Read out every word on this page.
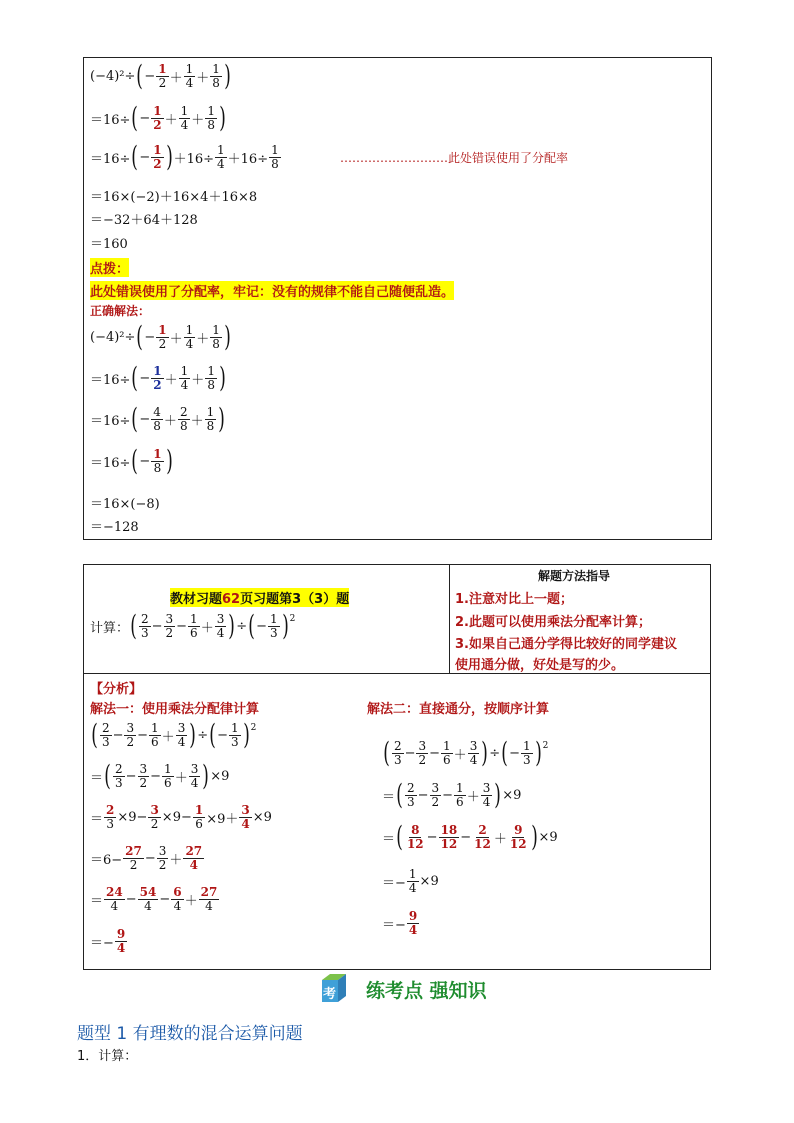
(−4)²÷ ( − $\frac{1}{2} + \frac{1}{4} + \frac{1}{8}$ )
＝16÷ ( − $\frac{1}{2} + \frac{1}{4} + \frac{1}{8}$ )
＝16÷ ( − $\frac{1}{2}$ ) $+16\div \frac{1}{4} +16\div \frac{1}{8}$	………………………此处错误使用了分配率
＝16×(−2)＋16×4＋16×8
＝−32＋64＋128
＝160
点拨：
此处错误使用了分配率，牢记：没有的规律不能自己随便乱造。
正确解法：
(−4)²÷ ( − $\frac{1}{2} + \frac{1}{4} + \frac{1}{8}$ )
＝16÷ ( − $\frac{1}{2} + \frac{1}{4} + \frac{1}{8}$ )
＝16÷ ( − $\frac{4}{8} + \frac{2}{8} + \frac{1}{8}$ )
＝16÷ ( − $\frac{1}{8}$ )
＝16×(−8)
＝−128
教材习题62页习题第3（3）题
计算： ( $\frac{2}{3} - \frac{3}{2} - \frac{1}{6} + \frac{3}{4}$ ) ÷ ( − $\frac{1}{3}$ ) 2
解题方法指导
1.注意对比上一题；
2.此题可以使用乘法分配率计算；
3.如果自己通分学得比较好的同学建议
使用通分做，好处是写的少。
【分析】
解法一：使用乘法分配律计算	解法二：直接通分，按顺序计算
( $\frac{2}{3} - \frac{3}{2} - \frac{1}{6} + \frac{3}{4}$ ) ÷ ( − $\frac{1}{3}$ ) 2
＝ ( $\frac{2}{3} - \frac{3}{2} - \frac{1}{6} + \frac{3}{4}$ ) ×9
＝ $\frac{2}{3} \times 9- \frac{3}{2} \times 9- \frac{1}{6} \times 9+ \frac{3}{4} \times 9$
$=6- \frac{27}{2} - \frac{3}{2} + \frac{27}{4}$
＝ $\frac{24}{4} - \frac{54}{4} - \frac{6}{4} + \frac{27}{4}$
＝− $\frac{9}{4}$
( $\frac{2}{3} - \frac{3}{2} - \frac{1}{6} + \frac{3}{4}$ ) ÷ ( − $\frac{1}{3}$ ) 2
＝ ( $\frac{2}{3} - \frac{3}{2} - \frac{1}{6} + \frac{3}{4}$ ) ×9
＝ ( $\frac{8}{12} - \frac{18}{12} - \frac{2}{12} + \frac{9}{12}$ ) ×9
＝− $\frac{1}{4} \times 9$
＝− $\frac{9}{4}$
考 练考点 强知识
题型 1 有理数的混合运算问题
1．计算：
